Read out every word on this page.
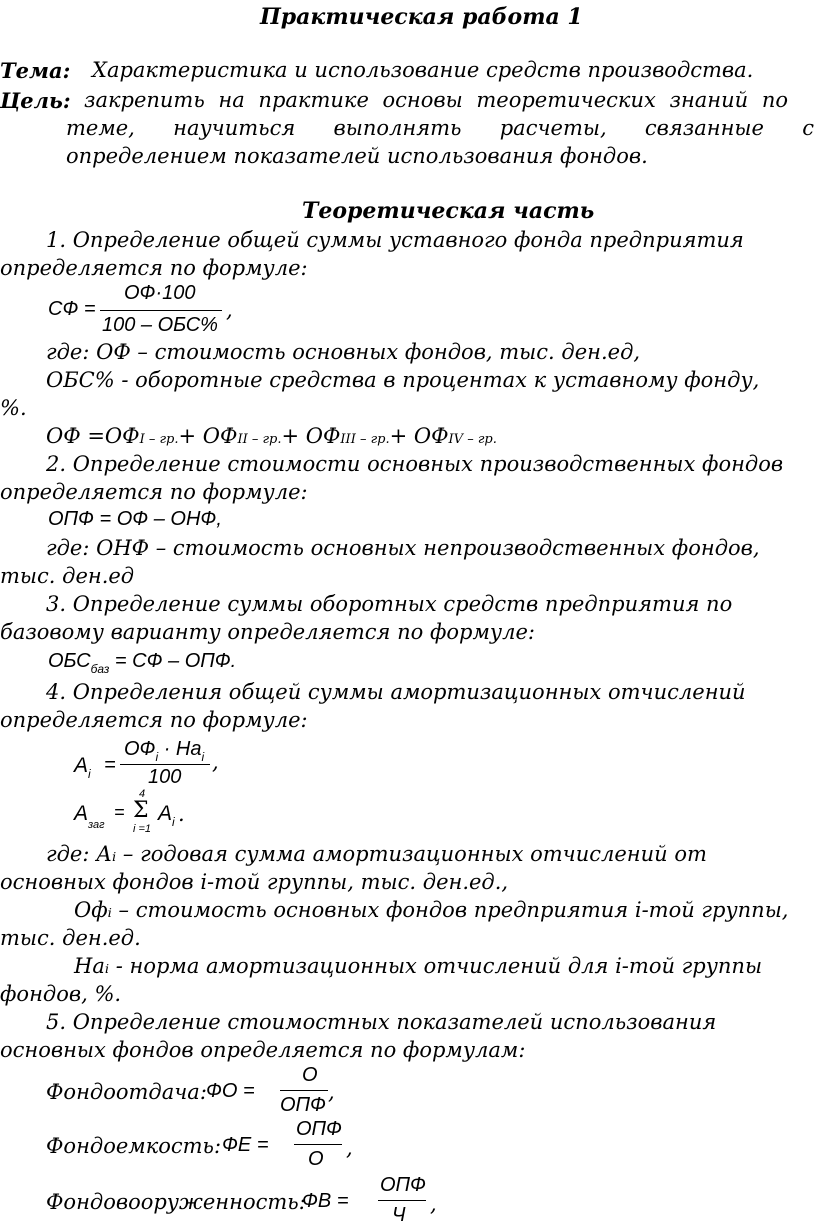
Практическая работа 1
Тема: Характеристика и использование средств производства.
Цель: закрепить на практике основы теоретических знаний по
теме, научиться выполнять расчеты, связанные с
определением показателей использования фондов.
Теоретическая часть
1. Определение общей суммы уставного фонда предприятия
определяется по формуле:
СФ =
ОФ·100
100 – ОБС%
,
где: ОФ – стоимость основных фондов, тыс. ден.ед,
ОБС% - оборотные средства в процентах к уставному фонду,
%.
ОФ =ОФI – гр.+ ОФII – гр.+ ОФIII – гр.+ ОФIV – гр.
2. Определение стоимости основных производственных фондов
определяется по формуле:
ОПФ = ОФ – ОНФ,
где: ОНФ – стоимость основных непроизводственных фондов,
тыс. ден.ед
3. Определение суммы оборотных средств предприятия по
базовому варианту определяется по формуле:
$ОБС_{баз}$ = СФ – ОПФ.
4. Определения общей суммы амортизационных отчислений
определяется по формуле:
$A_i$ =
$ОФ_i \cdot На_i$
100
,
$A_{заг}$
=
4
Σ
i =1
$A_i$ .
где: Аᵢ – годовая сумма амортизационных отчислений от
основных фондов i-той группы, тыс. ден.ед.,
Офᵢ – стоимость основных фондов предприятия i-той группы,
тыс. ден.ед.
Наᵢ - норма амортизационных отчислений для i-той группы
фондов, %.
5. Определение стоимостных показателей использования
основных фондов определяется по формулам:
Фондоотдача: ФО =
О
ОПФ
,
Фондоемкость: ФЕ =
ОПФ
О ,
Фондовооруженность:
ФВ =
ОПФ
Ч ,
